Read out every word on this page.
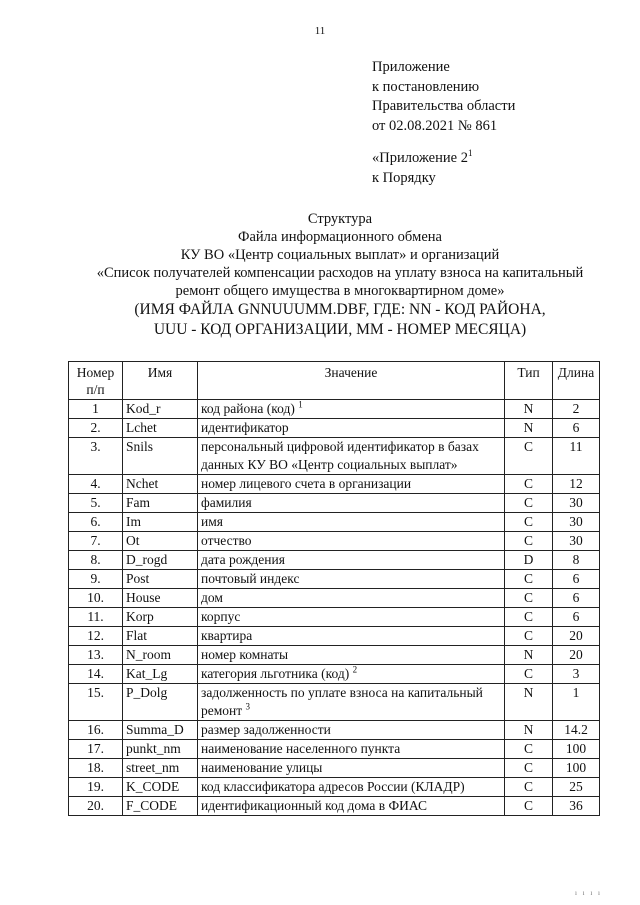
11
Приложение
к постановлению
Правительства области
от 02.08.2021 № 861
«Приложение $2^1$
к Порядку
Структура
Файла информационного обмена
КУ ВО «Центр социальных выплат» и организаций
«Список получателей компенсации расходов на уплату взноса на капитальный
ремонт общего имущества в многоквартирном доме»
(ИМЯ ФАЙЛА GNNUUUMM.DBF, ГДЕ: NN - КОД РАЙОНА,
UUU - КОД ОРГАНИЗАЦИИ, MM - НОМЕР МЕСЯЦА)
Номер п/п	Имя	Значение	Тип	Длина
1	Kod_r	код района (код) $^1$	N	2
2.	Lchet	идентификатор	N	6
3.	Snils	персональный цифровой идентификатор в базах данных КУ ВО «Центр социальных выплат»	C	11
4.	Nchet	номер лицевого счета в организации	C	12
5.	Fam	фамилия	C	30
6.	Im	имя	C	30
7.	Ot	отчество	C	30
8.	D_rogd	дата рождения	D	8
9.	Post	почтовый индекс	C	6
10.	House	дом	C	6
11.	Korp	корпус	C	6
12.	Flat	квартира	C	20
13.	N_room	номер комнаты	N	20
14.	Kat_Lg	категория льготника (код) $^2$	C	3
15.	P_Dolg	задолженность по уплате взноса на капитальный ремонт $^3$	N	1
16.	Summa_D	размер задолженности	N	14.2
17.	punkt_nm	наименование населенного пункта	C	100
18.	street_nm	наименование улицы	C	100
19.	K_CODE	код классификатора адресов России (КЛАДР)	C	25
20.	F_CODE	идентификационный код дома в ФИАС	C	36
ı ı ı ı
